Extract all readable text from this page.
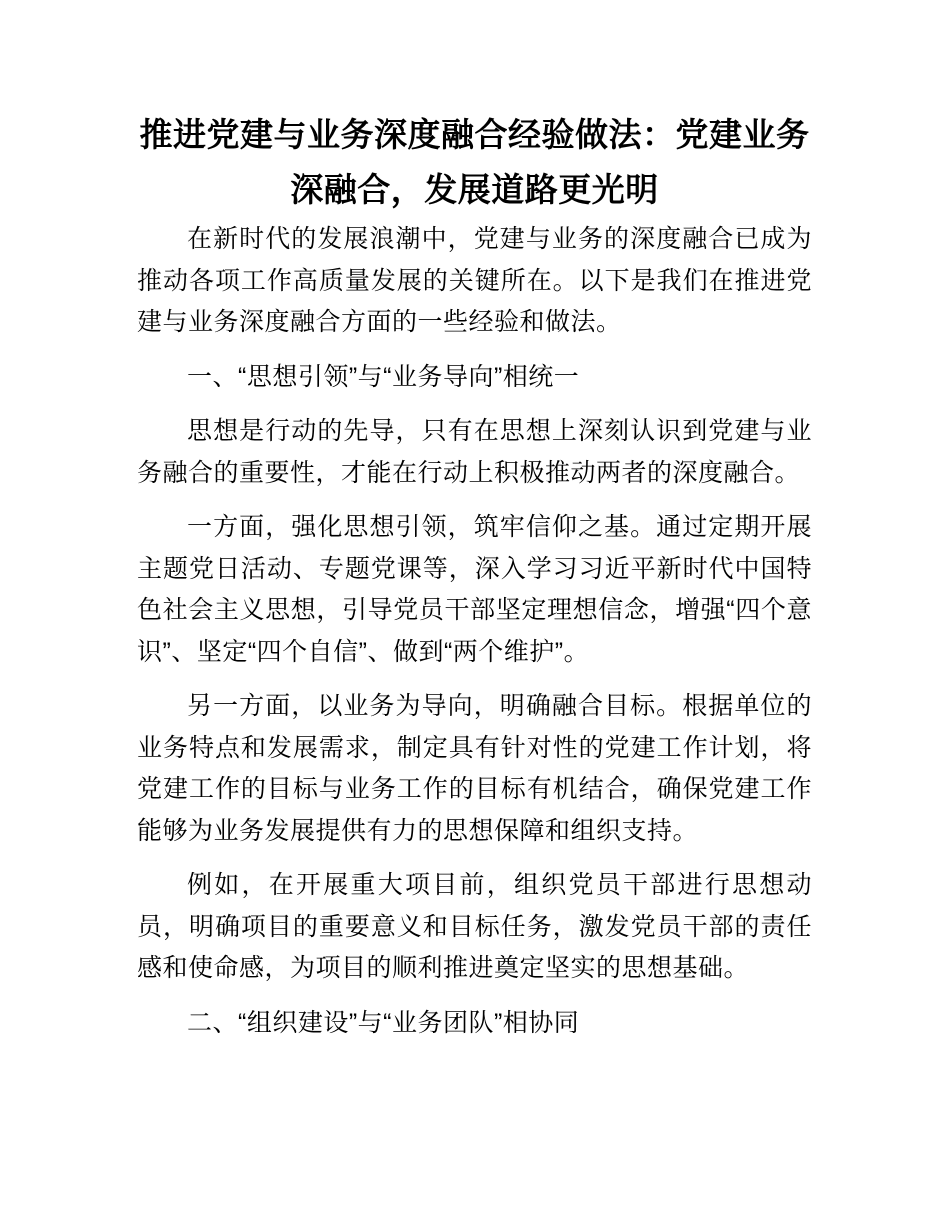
推进党建与业务深度融合经验做法：党建业务深融合，发展道路更光明

在新时代的发展浪潮中，党建与业务的深度融合已成为推动各项工作高质量发展的关键所在。以下是我们在推进党建与业务深度融合方面的一些经验和做法。

一、“思想引领”与“业务导向”相统一

思想是行动的先导，只有在思想上深刻认识到党建与业务融合的重要性，才能在行动上积极推动两者的深度融合。

一方面，强化思想引领，筑牢信仰之基。通过定期开展主题党日活动、专题党课等，深入学习习近平新时代中国特色社会主义思想，引导党员干部坚定理想信念，增强“四个意识”、坚定“四个自信”、做到“两个维护”。

另一方面，以业务为导向，明确融合目标。根据单位的业务特点和发展需求，制定具有针对性的党建工作计划，将党建工作的目标与业务工作的目标有机结合，确保党建工作能够为业务发展提供有力的思想保障和组织支持。

例如，在开展重大项目前，组织党员干部进行思想动员，明确项目的重要意义和目标任务，激发党员干部的责任感和使命感，为项目的顺利推进奠定坚实的思想基础。

二、“组织建设”与“业务团队”相协同
